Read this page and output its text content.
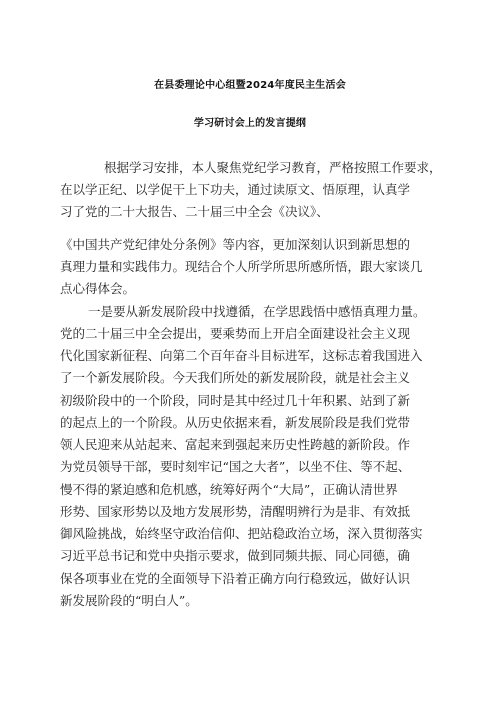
在县委理论中心组暨2024年度民主生活会
学习研讨会上的发言提纲
根据学习安排，本人聚焦党纪学习教育，严格按照工作要求，
在以学正纪、以学促干上下功夫，通过读原文、悟原理，认真学
习了党的二十大报告、二十届三中全会《决议》、
《中国共产党纪律处分条例》等内容，更加深刻认识到新思想的
真理力量和实践伟力。现结合个人所学所思所感所悟，跟大家谈几
点心得体会。
一是要从新发展阶段中找遵循，在学思践悟中感悟真理力量。
党的二十届三中全会提出，要乘势而上开启全面建设社会主义现
代化国家新征程、向第二个百年奋斗目标进军，这标志着我国进入
了一个新发展阶段。今天我们所处的新发展阶段，就是社会主义
初级阶段中的一个阶段，同时是其中经过几十年积累、站到了新
的起点上的一个阶段。从历史依据来看，新发展阶段是我们党带
领人民迎来从站起来、富起来到强起来历史性跨越的新阶段。作
为党员领导干部，要时刻牢记“国之大者”，以坐不住、等不起、
慢不得的紧迫感和危机感，统筹好两个“大局”，正确认清世界
形势、国家形势以及地方发展形势，清醒明辨行为是非、有效抵
御风险挑战，始终坚守政治信仰、把站稳政治立场，深入贯彻落实
习近平总书记和党中央指示要求，做到同频共振、同心同德，确
保各项事业在党的全面领导下沿着正确方向行稳致远，做好认识
新发展阶段的“明白人”。
